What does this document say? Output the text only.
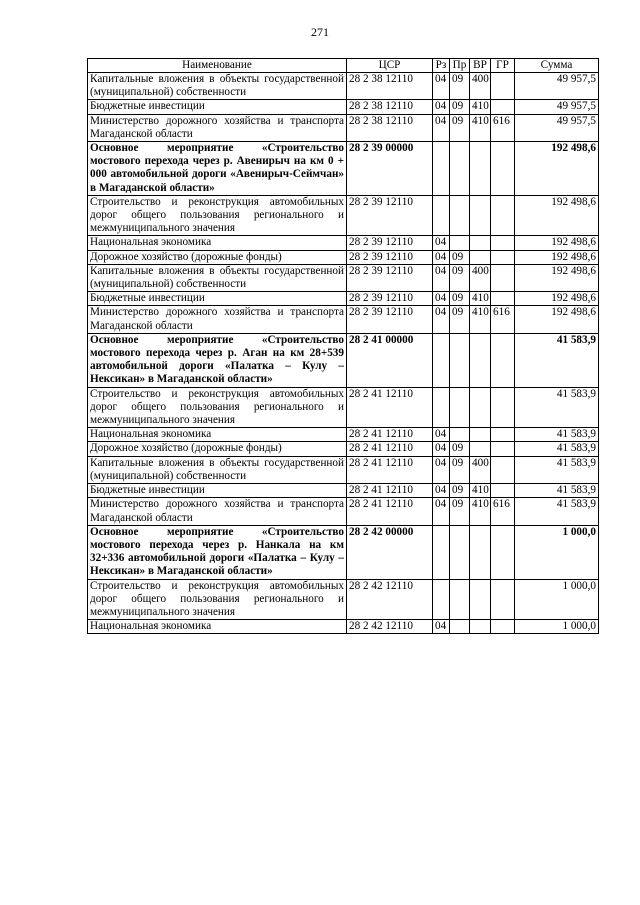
271
Наименование	ЦСР	Рз	Пр	ВР	ГР	Сумма
Капитальные вложения в объекты государственной (муниципальной) собственности	28 2 38 12110	04	09	400		49 957,5
Бюджетные инвестиции	28 2 38 12110	04	09	410		49 957,5
Министерство дорожного хозяйства и транспорта Магаданской области	28 2 38 12110	04	09	410	616	49 957,5
Основное мероприятие «Строительство мостового перехода через р. Авенирыч на км 0 + 000 автомобильной дороги «Авенирыч-Сеймчан» в Магаданской области»	28 2 39 00000					192 498,6
Строительство и реконструкция автомобильных дорог общего пользования регионального и межмуниципального значения	28 2 39 12110					192 498,6
Национальная экономика	28 2 39 12110	04				192 498,6
Дорожное хозяйство (дорожные фонды)	28 2 39 12110	04	09			192 498,6
Капитальные вложения в объекты государственной (муниципальной) собственности	28 2 39 12110	04	09	400		192 498,6
Бюджетные инвестиции	28 2 39 12110	04	09	410		192 498,6
Министерство дорожного хозяйства и транспорта Магаданской области	28 2 39 12110	04	09	410	616	192 498,6
Основное мероприятие «Строительство мостового перехода через р. Аган на км 28+539 автомобильной дороги «Палатка – Кулу – Нексикан» в Магаданской области»	28 2 41 00000					41 583,9
Строительство и реконструкция автомобильных дорог общего пользования регионального и межмуниципального значения	28 2 41 12110					41 583,9
Национальная экономика	28 2 41 12110	04				41 583,9
Дорожное хозяйство (дорожные фонды)	28 2 41 12110	04	09			41 583,9
Капитальные вложения в объекты государственной (муниципальной) собственности	28 2 41 12110	04	09	400		41 583,9
Бюджетные инвестиции	28 2 41 12110	04	09	410		41 583,9
Министерство дорожного хозяйства и транспорта Магаданской области	28 2 41 12110	04	09	410	616	41 583,9
Основное мероприятие «Строительство мостового перехода через р. Нанкала на км 32+336 автомобильной дороги «Палатка – Кулу – Нексикан» в Магаданской области»	28 2 42 00000					1 000,0
Строительство и реконструкция автомобильных дорог общего пользования регионального и межмуниципального значения	28 2 42 12110					1 000,0
Национальная экономика	28 2 42 12110	04				1 000,0
